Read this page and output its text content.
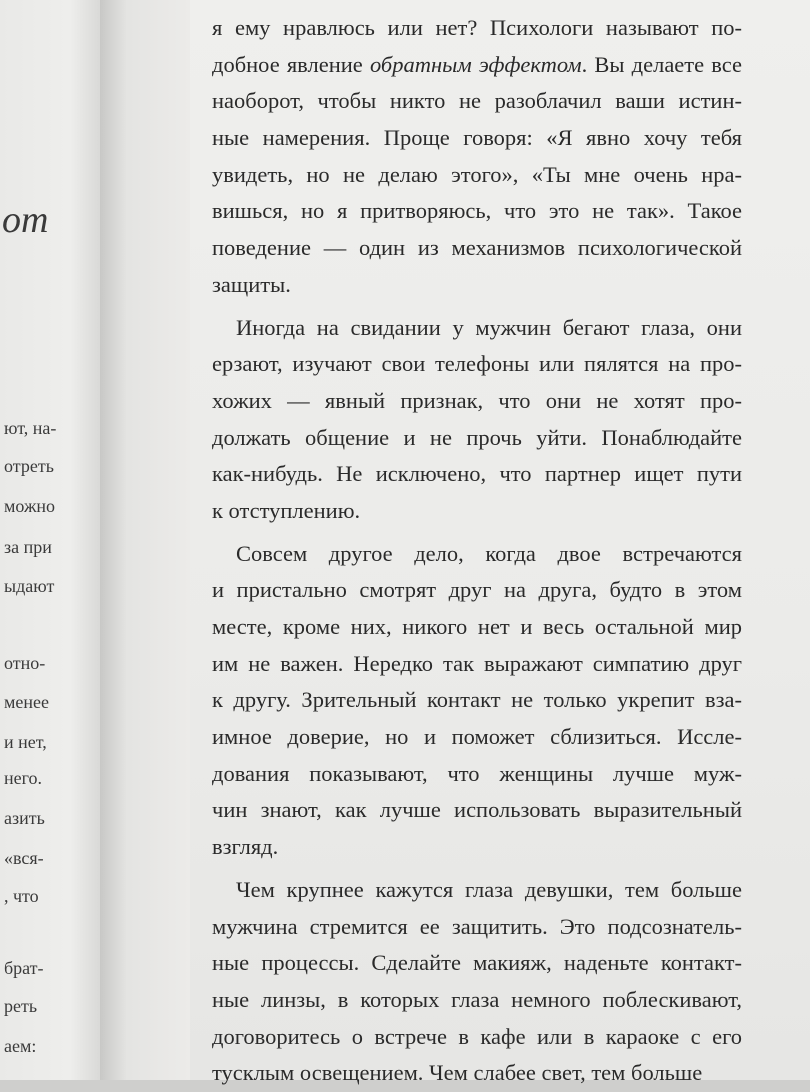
от
ют, на-
отреть
можно
за при
ыдают
отно-
менее
и нет,
него.
азить
«вся-
, что
брат-
реть
аем:
я ему нравлюсь или нет? Психологи называют по-
добное явление обратным эффектом. Вы делаете все
наоборот, чтобы никто не разоблачил ваши истин-
ные намерения. Проще говоря: «Я явно хочу тебя
увидеть, но не делаю этого», «Ты мне очень нра-
вишься, но я притворяюсь, что это не так». Такое
поведение — один из механизмов психологической
защиты.
Иногда на свидании у мужчин бегают глаза, они
ерзают, изучают свои телефоны или пялятся на про-
хожих — явный признак, что они не хотят про-
должать общение и не прочь уйти. Понаблюдайте
как-нибудь. Не исключено, что партнер ищет пути
к отступлению.
Совсем другое дело, когда двое встречаются
и пристально смотрят друг на друга, будто в этом
месте, кроме них, никого нет и весь остальной мир
им не важен. Нередко так выражают симпатию друг
к другу. Зрительный контакт не только укрепит вза-
имное доверие, но и поможет сблизиться. Иссле-
дования показывают, что женщины лучше муж-
чин знают, как лучше использовать выразительный
взгляд.
Чем крупнее кажутся глаза девушки, тем больше
мужчина стремится ее защитить. Это подсознатель-
ные процессы. Сделайте макияж, наденьте контакт-
ные линзы, в которых глаза немного поблескивают,
договоритесь о встрече в кафе или в караоке с его
тусклым освещением. Чем слабее свет, тем больше
